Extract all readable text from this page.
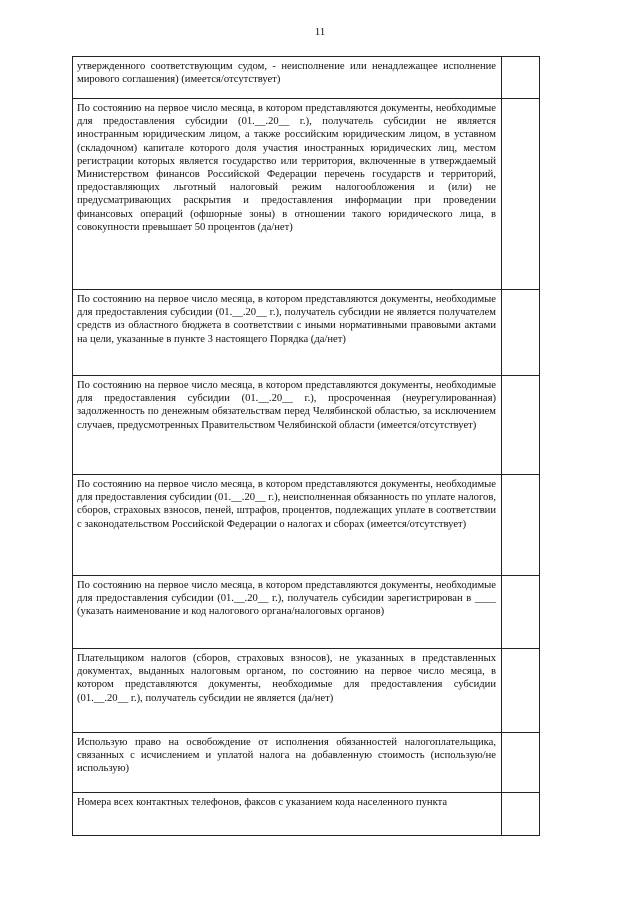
11
утвержденного соответствующим судом, - неисполнение или ненадлежащее исполнение мирового соглашения) (имеется/отсутствует)	

По состоянию на первое число месяца, в котором представляются документы, необходимые для предоставления субсидии (01.__.20__ г.), получатель субсидии не является иностранным юридическим лицом, а также российским юридическим лицом, в уставном (складочном) капитале которого доля участия иностранных юридических лиц, местом регистрации которых является государство или территория, включенные в утверждаемый Министерством финансов Российской Федерации перечень государств и территорий, предоставляющих льготный налоговый режим налогообложения и (или) не предусматривающих раскрытия и предоставления информации при проведении финансовых операций (офшорные зоны) в отношении такого юридического лица, в совокупности превышает 50 процентов (да/нет)	

По состоянию на первое число месяца, в котором представляются документы, необходимые для предоставления субсидии (01.__.20__ г.), получатель субсидии не является получателем средств из областного бюджета в соответствии с иными нормативными правовыми актами на цели, указанные в пункте 3 настоящего Порядка (да/нет)	

По состоянию на первое число месяца, в котором представляются документы, необходимые для предоставления субсидии (01.__.20__ г.), просроченная (неурегулированная) задолженность по денежным обязательствам перед Челябинской областью, за исключением случаев, предусмотренных Правительством Челябинской области (имеется/отсутствует)	

По состоянию на первое число месяца, в котором представляются документы, необходимые для предоставления субсидии (01.__.20__ г.), неисполненная обязанность по уплате налогов, сборов, страховых взносов, пеней, штрафов, процентов, подлежащих уплате в соответствии с законодательством Российской Федерации о налогах и сборах (имеется/отсутствует)	

По состоянию на первое число месяца, в котором представляются документы, необходимые для предоставления субсидии (01.__.20__ г.), получатель субсидии зарегистрирован в ____ (указать наименование и код налогового органа/налоговых органов)	

Плательщиком налогов (сборов, страховых взносов), не указанных в представленных документах, выданных налоговым органом, по состоянию на первое число месяца, в котором представляются документы, необходимые для предоставления субсидии (01.__.20__ г.), получатель субсидии не является (да/нет)	

Использую право на освобождение от исполнения обязанностей налогоплательщика, связанных с исчислением и уплатой налога на добавленную стоимость (использую/не использую)	

Номера всех контактных телефонов, факсов с указанием кода населенного пункта	
